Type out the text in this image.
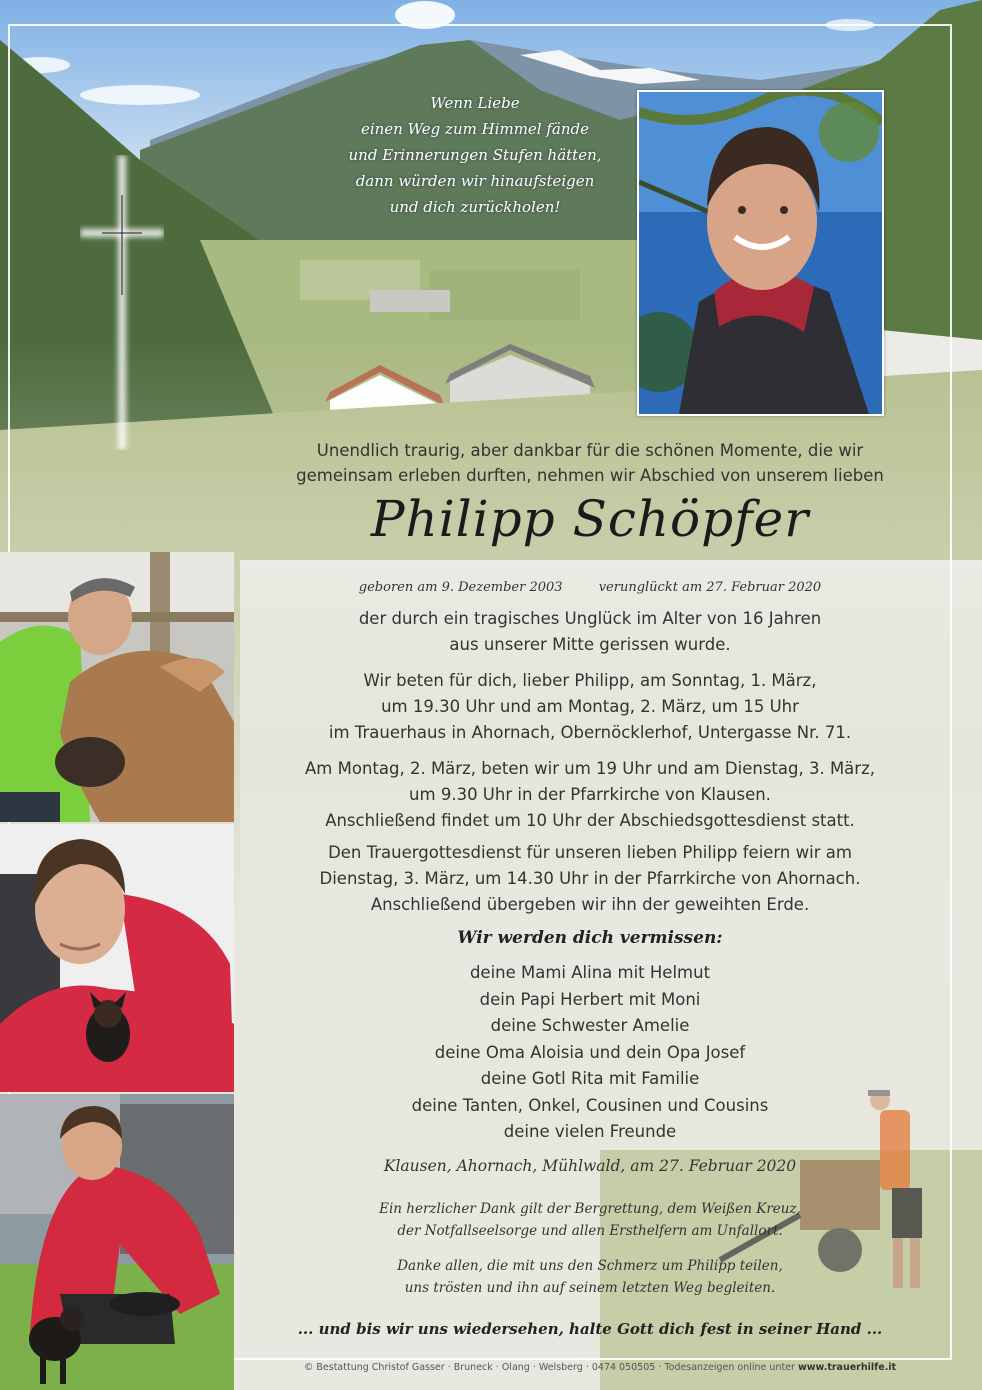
Wenn Liebe
einen Weg zum Himmel fände
und Erinnerungen Stufen hätten,
dann würden wir hinaufsteigen
und dich zurückholen!
Unendlich traurig, aber dankbar für die schönen Momente, die wir
gemeinsam erleben durften, nehmen wir Abschied von unserem lieben
Philipp Schöpfer
geboren am 9. Dezember 2003	verunglückt am 27. Februar 2020
der durch ein tragisches Unglück im Alter von 16 Jahren
aus unserer Mitte gerissen wurde.
Wir beten für dich, lieber Philipp, am Sonntag, 1. März,
um 19.30 Uhr und am Montag, 2. März, um 15 Uhr
im Trauerhaus in Ahornach, Obernöcklerhof, Untergasse Nr. 71.
Am Montag, 2. März, beten wir um 19 Uhr und am Dienstag, 3. März,
um 9.30 Uhr in der Pfarrkirche von Klausen.
Anschließend findet um 10 Uhr der Abschiedsgottesdienst statt.
Den Trauergottesdienst für unseren lieben Philipp feiern wir am
Dienstag, 3. März, um 14.30 Uhr in der Pfarrkirche von Ahornach.
Anschließend übergeben wir ihn der geweihten Erde.
Wir werden dich vermissen:
deine Mami Alina mit Helmut
dein Papi Herbert mit Moni
deine Schwester Amelie
deine Oma Aloisia und dein Opa Josef
deine Gotl Rita mit Familie
deine Tanten, Onkel, Cousinen und Cousins
deine vielen Freunde
Klausen, Ahornach, Mühlwald, am 27. Februar 2020
Ein herzlicher Dank gilt der Bergrettung, dem Weißen Kreuz,
der Notfallseelsorge und allen Ersthelfern am Unfallort.
Danke allen, die mit uns den Schmerz um Philipp teilen,
uns trösten und ihn auf seinem letzten Weg begleiten.
... und bis wir uns wiedersehen, halte Gott dich fest in seiner Hand ...
© Bestattung Christof Gasser · Bruneck · Olang · Welsberg · 0474 050505 · Todesanzeigen online unter www.trauerhilfe.it
